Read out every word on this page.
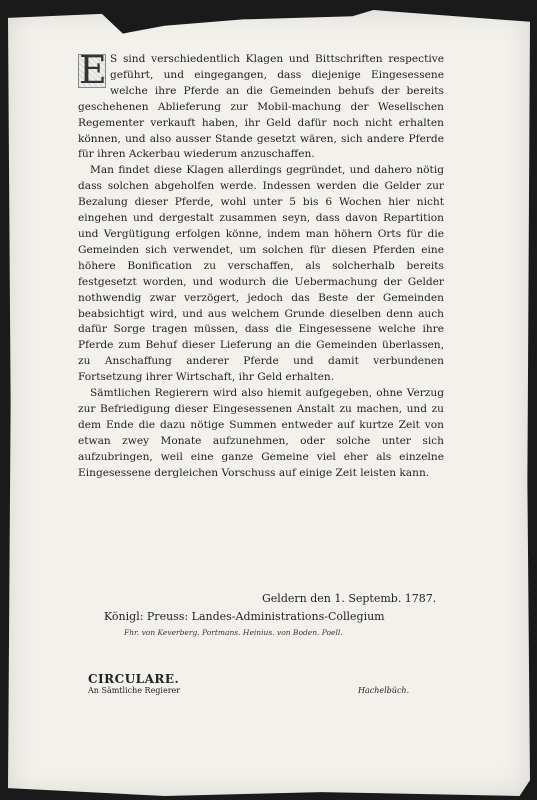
E S sind verschiedentlich Klagen und Bittschriften respective geführt, und eingegangen, dass diejenige Eingesessene welche ihre Pferde an die Gemeinden behufs der bereits geschehenen Ablieferung zur Mobil-machung der Wesellschen Regementer verkauft haben, ihr Geld dafür noch nicht erhalten können, und also ausser Stande gesetzt wären, sich andere Pferde für ihren Ackerbau wiederum anzuschaffen.

Man findet diese Klagen allerdings gegründet, und dahero nötig dass solchen abgeholfen werde. Indessen werden die Gelder zur Bezalung dieser Pferde, wohl unter 5 bis 6 Wochen hier nicht eingehen und dergestalt zusammen seyn, dass davon Repartition und Vergütigung erfolgen könne, indem man höhern Orts für die Gemeinden sich verwendet, um solchen für diesen Pferden eine höhere Bonification zu verschaffen, als solcherhalb bereits festgesetzt worden, und wodurch die Uebermachung der Gelder nothwendig zwar verzögert, jedoch das Beste der Gemeinden beabsichtigt wird, und aus welchem Grunde dieselben denn auch dafür Sorge tragen müssen, dass die Eingesessene welche ihre Pferde zum Behuf dieser Lieferung an die Gemeinden überlassen, zu Anschaffung anderer Pferde und damit verbundenen Fortsetzung ihrer Wirtschaft, ihr Geld erhalten.

Sämtlichen Regierern wird also hiemit aufgegeben, ohne Verzug zur Befriedigung dieser Eingesessenen Anstalt zu machen, und zu dem Ende die dazu nötige Summen entweder auf kurtze Zeit von etwan zwey Monate aufzunehmen, oder solche unter sich aufzubringen, weil eine ganze Gemeine viel eher als einzelne Eingesessene dergleichen Vorschuss auf einige Zeit leisten kann.

Geldern den 1. Septemb. 1787.
Königl: Preuss: Landes-Administrations-Collegium
Fhr. von Keverberg. Portmans. Heinius. von Boden. Poell.
CIRCULARE.
An Sämtliche Regierer	Hachelbüch.
